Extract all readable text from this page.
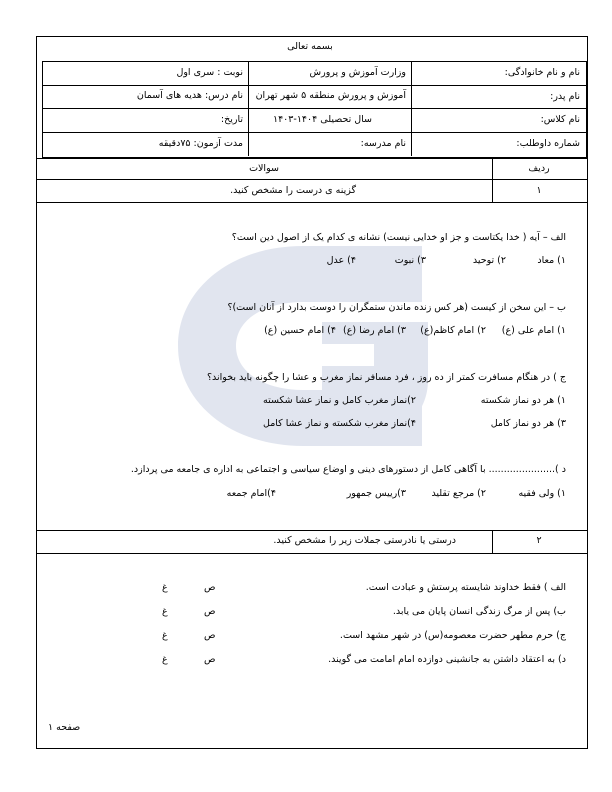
بسمه تعالی
نام و نام خانوادگی:
نام پدر:
نام کلاس:
شماره داوطلب:
وزارت آموزش و پرورش
آموزش و پرورش منطقه ۵ شهر تهران
سال تحصیلی ۱۴۰۴-۱۴۰۳
نام مدرسه:
نوبت : سری اول
نام درس: هدیه های آسمان
تاریخ:
مدت آزمون: ۷۵دقیقه
ردیف
سوالات
۱
گزینه ی درست را مشخص کنید.
الف – آیه ( خدا یکتاست و جز او خدایی نیست) نشانه ی کدام یک از اصول دین است؟
۱) معاد
۲) توحید
۳) نبوت
۴) عدل
ب – این سخن از کیست (هر کس زنده ماندن ستمگران را دوست بدارد از آنان است)؟
۱) امام علی (ع)
۲) امام کاظم(ع)
۳) امام رضا (ع)
۴) امام حسین (ع)
ج ) در هنگام مسافرت کمتر از ده روز ، فرد مسافر نماز مغرب و عشا را چگونه باید بخواند؟
۱) هر دو نماز شکسته
۲)نماز مغرب کامل و نماز عشا شکسته
۳) هر دو نماز کامل
۴)نماز مغرب شکسته و نماز عشا کامل
د )...................... با آگاهی کامل از دستورهای دینی و اوضاع سیاسی و اجتماعی به اداره ی جامعه می پردازد.
۱) ولی فقیه
۲) مرجع تقلید
۳)رییس جمهور
۴)امام جمعه
۲
درستی یا نادرستی جملات زیر را مشخص کنید.
الف ) فقط خداوند شایسته پرستش و عبادت است.
ص
غ
ب) پس از مرگ زندگی انسان پایان می یابد.
ص
غ
ج) حرم مطهر حضرت معصومه(س) در شهر مشهد است.
ص
غ
د) به اعتقاد داشتن به جانشینی دوازده امام امامت می گویند.
ص
غ
صفحه ۱
